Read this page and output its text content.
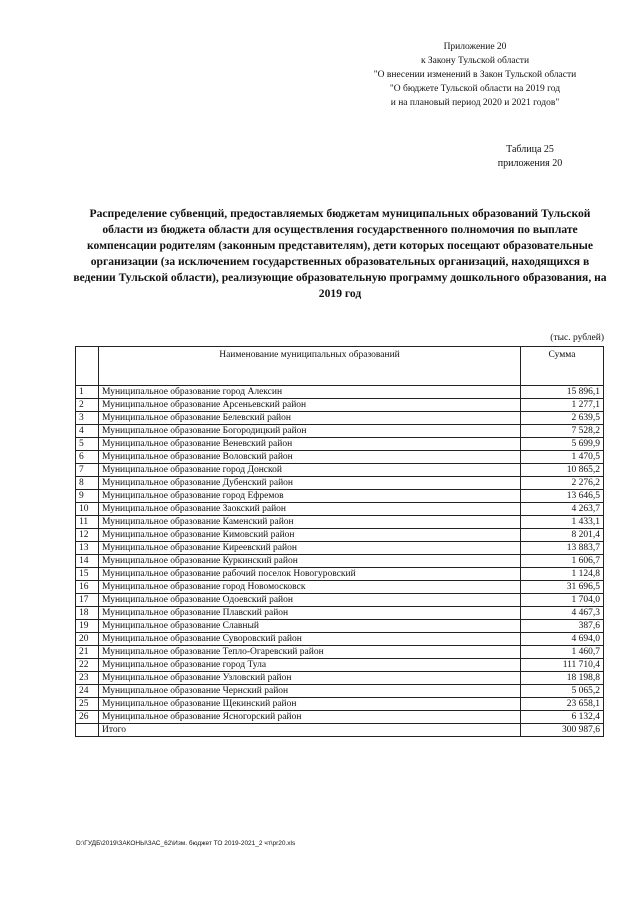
Приложение 20
к Закону Тульской области
"О внесении изменений в Закон Тульской области
"О бюджете Тульской области на 2019 год
и на плановый период 2020 и 2021 годов"
Таблица 25
приложения 20
Распределение субвенций, предоставляемых бюджетам муниципальных образований Тульской области из бюджета области для осуществления государственного полномочия по выплате компенсации родителям (законным представителям), дети которых посещают образовательные организации (за исключением государственных образовательных организаций, находящихся в ведении Тульской области), реализующие образовательную программу дошкольного образования, на 2019 год
(тыс. рублей)
	Наименование муниципальных образований	Сумма
1	Муниципальное образование город Алексин	15 896,1
2	Муниципальное образование Арсеньевский район	1 277,1
3	Муниципальное образование Белевский район	2 639,5
4	Муниципальное образование Богородицкий район	7 528,2
5	Муниципальное образование Веневский район	5 699,9
6	Муниципальное образование Воловский район	1 470,5
7	Муниципальное образование город Донской	10 865,2
8	Муниципальное образование Дубенский район	2 276,2
9	Муниципальное образование город Ефремов	13 646,5
10	Муниципальное образование Заокский район	4 263,7
11	Муниципальное образование Каменский район	1 433,1
12	Муниципальное образование Кимовский район	8 201,4
13	Муниципальное образование Киреевский район	13 883,7
14	Муниципальное образование Куркинский район	1 606,7
15	Муниципальное образование рабочий поселок Новогуровский	1 124,8
16	Муниципальное образование город Новомосковск	31 696,5
17	Муниципальное образование Одоевский район	1 704,0
18	Муниципальное образование Плавский район	4 467,3
19	Муниципальное образование Славный	387,6
20	Муниципальное образование Суворовский район	4 694,0
21	Муниципальное образование Тепло-Огаревский район	1 460,7
22	Муниципальное образование город Тула	111 710,4
23	Муниципальное образование Узловский район	18 198,8
24	Муниципальное образование Чернский район	5 065,2
25	Муниципальное образование Щекинский район	23 658,1
26	Муниципальное образование Ясногорский район	6 132,4
	Итого	300 987,6
D:\ГУДБ\2019\ЗАКОНЫ\ЗАС_62\Изм. бюджет ТО 2019-2021_2 чт\pr20.xls
